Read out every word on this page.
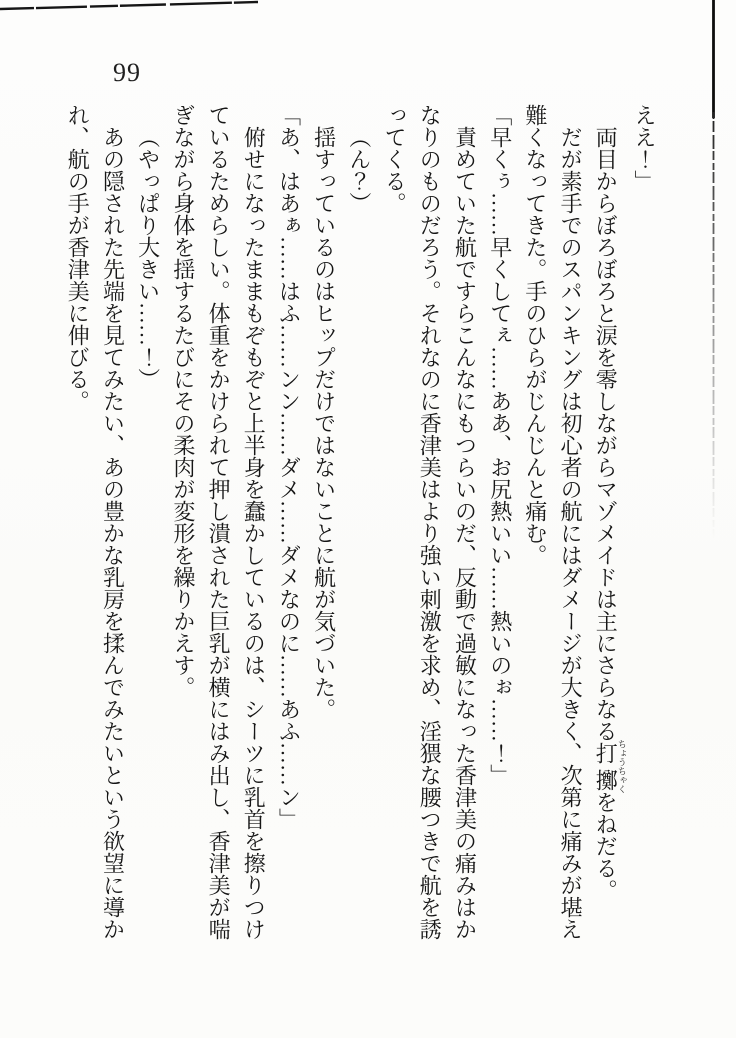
99
ええ！」
両目からぼろぼろと涙を零しながらマゾメイドは主にさらなる打擲ちょうちゃくをねだる。
だが素手でのスパンキングは初心者の航にはダメージが大きく、次第に痛みが堪え
難くなってきた。手のひらがじんじんと痛む。
「早くぅ……早くしてぇ……ああ、お尻熱いい……熱いのぉ……！」
責めていた航ですらこんなにもつらいのだ、反動で過敏になった香津美の痛みはか
なりのものだろう。それなのに香津美はより強い刺激を求め、淫猥な腰つきで航を誘
ってくる。
（ん？）
揺すっているのはヒップだけではないことに航が気づいた。
「あ、はあぁ……はふ……ンン……ダメ……ダメなのに……あふ……ン」
俯せになったままもぞもぞと上半身を蠢かしているのは、シーツに乳首を擦りつけ
ているためらしい。体重をかけられて押し潰された巨乳が横にはみ出し、香津美が喘
ぎながら身体を揺するたびにその柔肉が変形を繰りかえす。
（やっぱり大きい……！）
あの隠された先端を見てみたい、あの豊かな乳房を揉んでみたいという欲望に導か
れ、航の手が香津美に伸びる。
